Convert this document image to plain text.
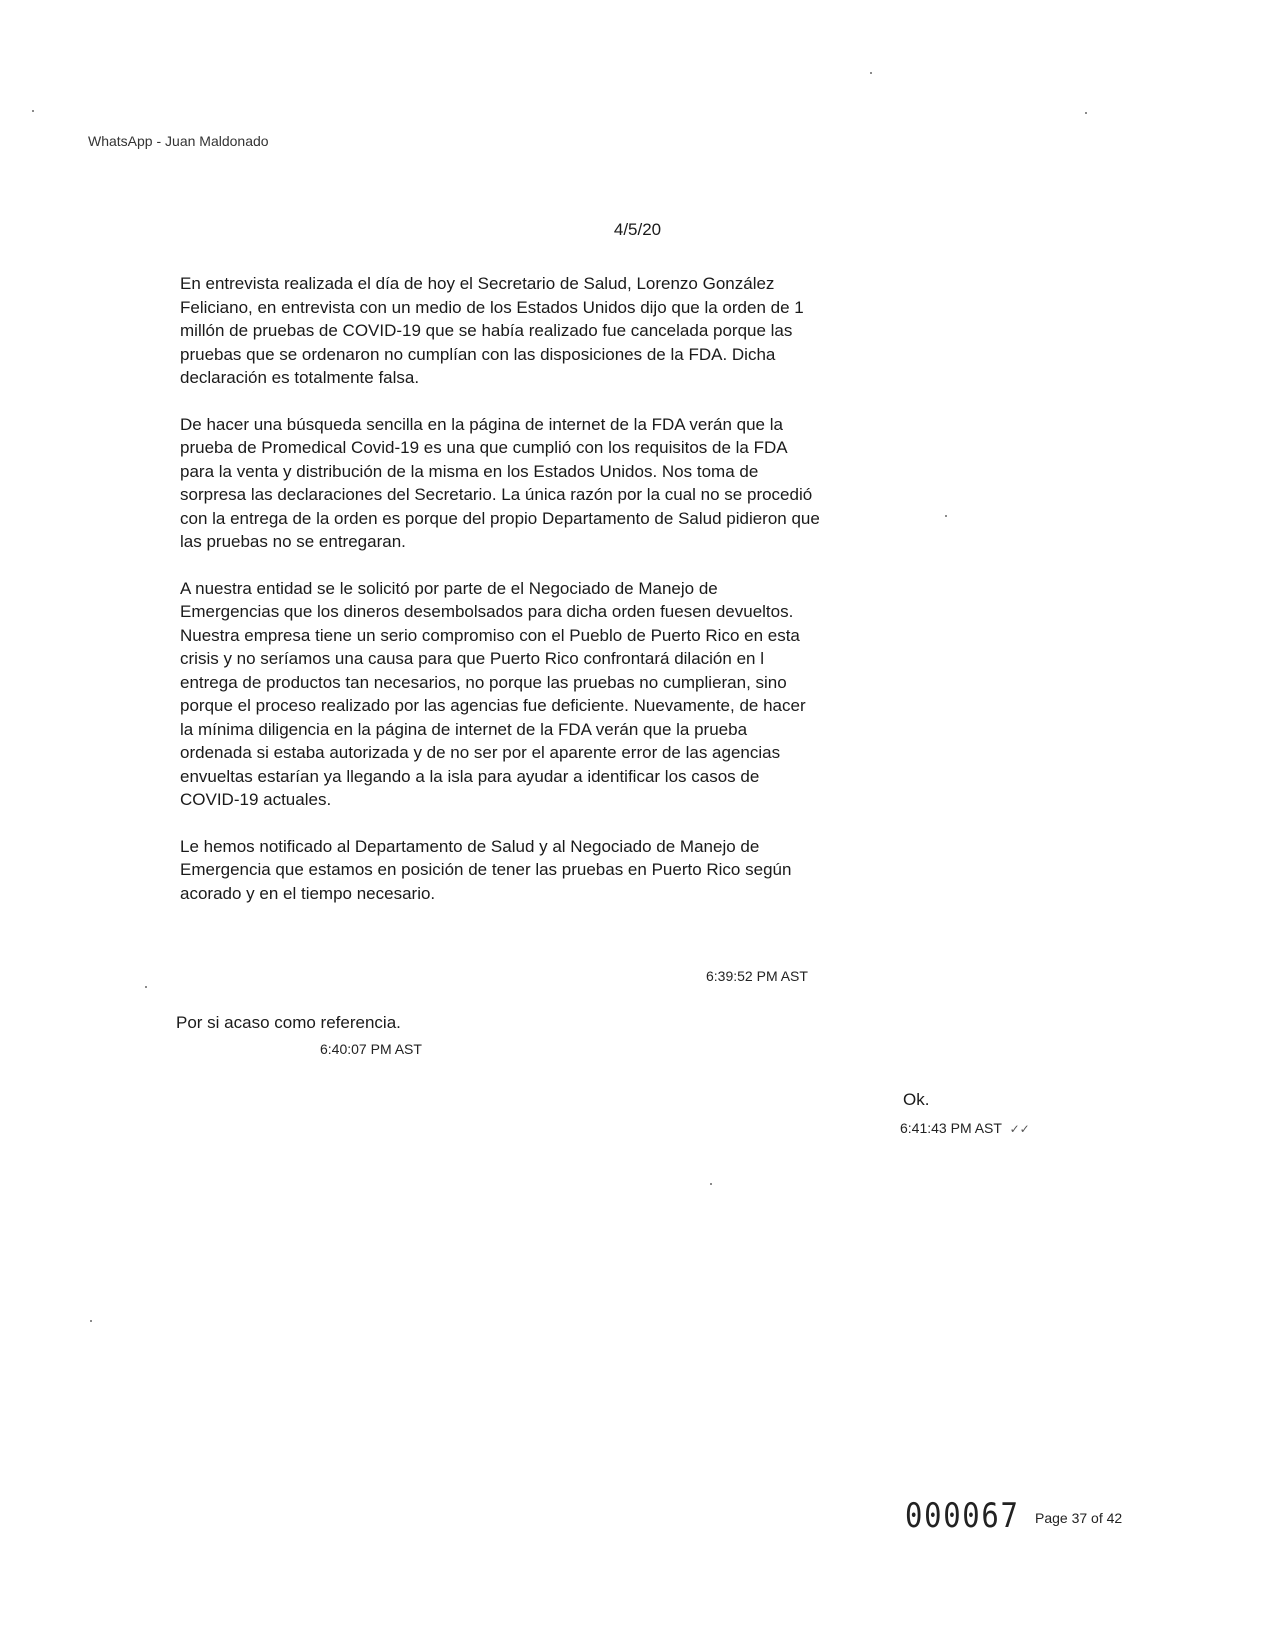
WhatsApp - Juan Maldonado
4/5/20

En entrevista realizada el día de hoy el Secretario de Salud, Lorenzo González Feliciano, en entrevista con un medio de los Estados Unidos dijo que la orden de 1 millón de pruebas de COVID-19 que se había realizado fue cancelada porque las pruebas que se ordenaron no cumplían con las disposiciones de la FDA. Dicha declaración es totalmente falsa.

De hacer una búsqueda sencilla en la página de internet de la FDA verán que la prueba de Promedical Covid-19 es una que cumplió con los requisitos de la FDA para la venta y distribución de la misma en los Estados Unidos. Nos toma de sorpresa las declaraciones del Secretario. La única razón por la cual no se procedió con la entrega de la orden es porque del propio Departamento de Salud pidieron que las pruebas no se entregaran.

A nuestra entidad se le solicitó por parte de el Negociado de Manejo de Emergencias que los dineros desembolsados para dicha orden fuesen devueltos. Nuestra empresa tiene un serio compromiso con el Pueblo de Puerto Rico en esta crisis y no seríamos una causa para que Puerto Rico confrontará dilación en l entrega de productos tan necesarios, no porque las pruebas no cumplieran, sino porque el proceso realizado por las agencias fue deficiente. Nuevamente, de hacer la mínima diligencia en la página de internet de la FDA verán que la prueba ordenada si estaba autorizada y de no ser por el aparente error de las agencias envueltas estarían ya llegando a la isla para ayudar a identificar los casos de COVID-19 actuales.

Le hemos notificado al Departamento de Salud y al Negociado de Manejo de Emergencia que estamos en posición de tener las pruebas en Puerto Rico según acorado y en el tiempo necesario.

6:39:52 PM AST
Por si acaso como referencia.
6:40:07 PM AST
Ok.
6:41:43 PM AST ✓✓
000067 Page 37 of 42
